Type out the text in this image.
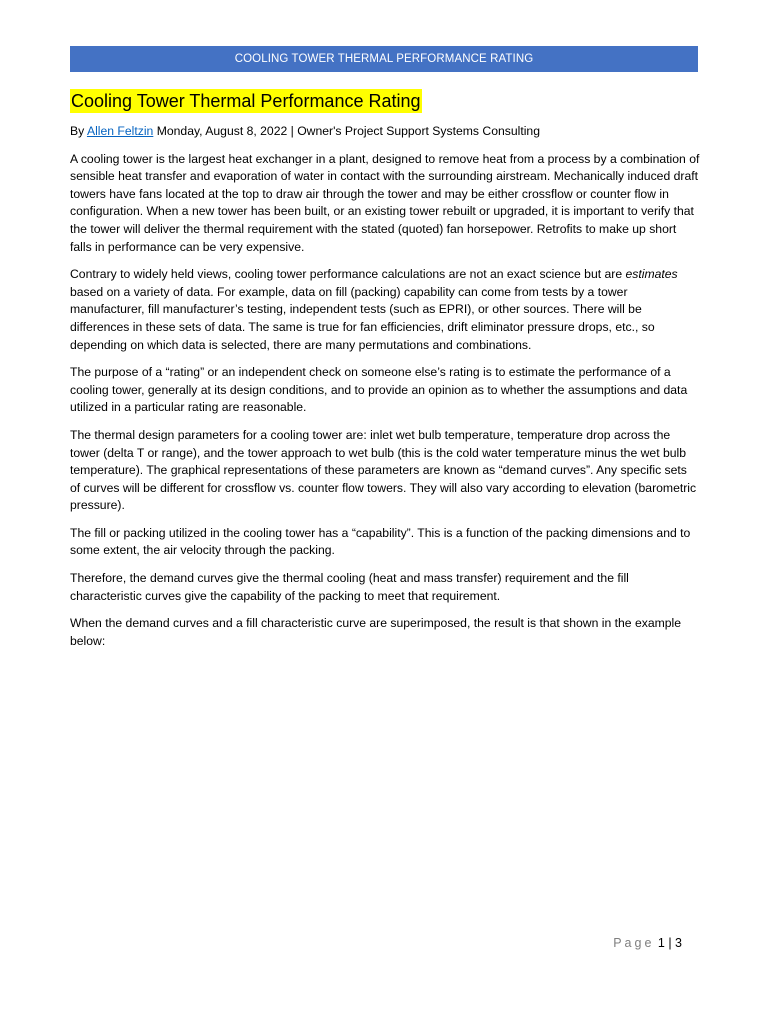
COOLING TOWER THERMAL PERFORMANCE RATING
Cooling Tower Thermal Performance Rating
By Allen Feltzin Monday, August 8, 2022 | Owner's Project Support Systems Consulting

A cooling tower is the largest heat exchanger in a plant, designed to remove heat from a process by a combination of sensible heat transfer and evaporation of water in contact with the surrounding airstream. Mechanically induced draft towers have fans located at the top to draw air through the tower and may be either crossflow or counter flow in configuration. When a new tower has been built, or an existing tower rebuilt or upgraded, it is important to verify that the tower will deliver the thermal requirement with the stated (quoted) fan horsepower. Retrofits to make up short falls in performance can be very expensive.

Contrary to widely held views, cooling tower performance calculations are not an exact science but are estimates based on a variety of data. For example, data on fill (packing) capability can come from tests by a tower manufacturer, fill manufacturer’s testing, independent tests (such as EPRI), or other sources. There will be differences in these sets of data. The same is true for fan efficiencies, drift eliminator pressure drops, etc., so depending on which data is selected, there are many permutations and combinations.

The purpose of a “rating” or an independent check on someone else’s rating is to estimate the performance of a cooling tower, generally at its design conditions, and to provide an opinion as to whether the assumptions and data utilized in a particular rating are reasonable.

The thermal design parameters for a cooling tower are: inlet wet bulb temperature, temperature drop across the tower (delta T or range), and the tower approach to wet bulb (this is the cold water temperature minus the wet bulb temperature). The graphical representations of these parameters are known as “demand curves”. Any specific sets of curves will be different for crossflow vs. counter flow towers. They will also vary according to elevation (barometric pressure).

The fill or packing utilized in the cooling tower has a “capability”. This is a function of the packing dimensions and to some extent, the air velocity through the packing.

Therefore, the demand curves give the thermal cooling (heat and mass transfer) requirement and the fill characteristic curves give the capability of the packing to meet that requirement.

When the demand curves and a fill characteristic curve are superimposed, the result is that shown in the example below:

Page 1 | 3
